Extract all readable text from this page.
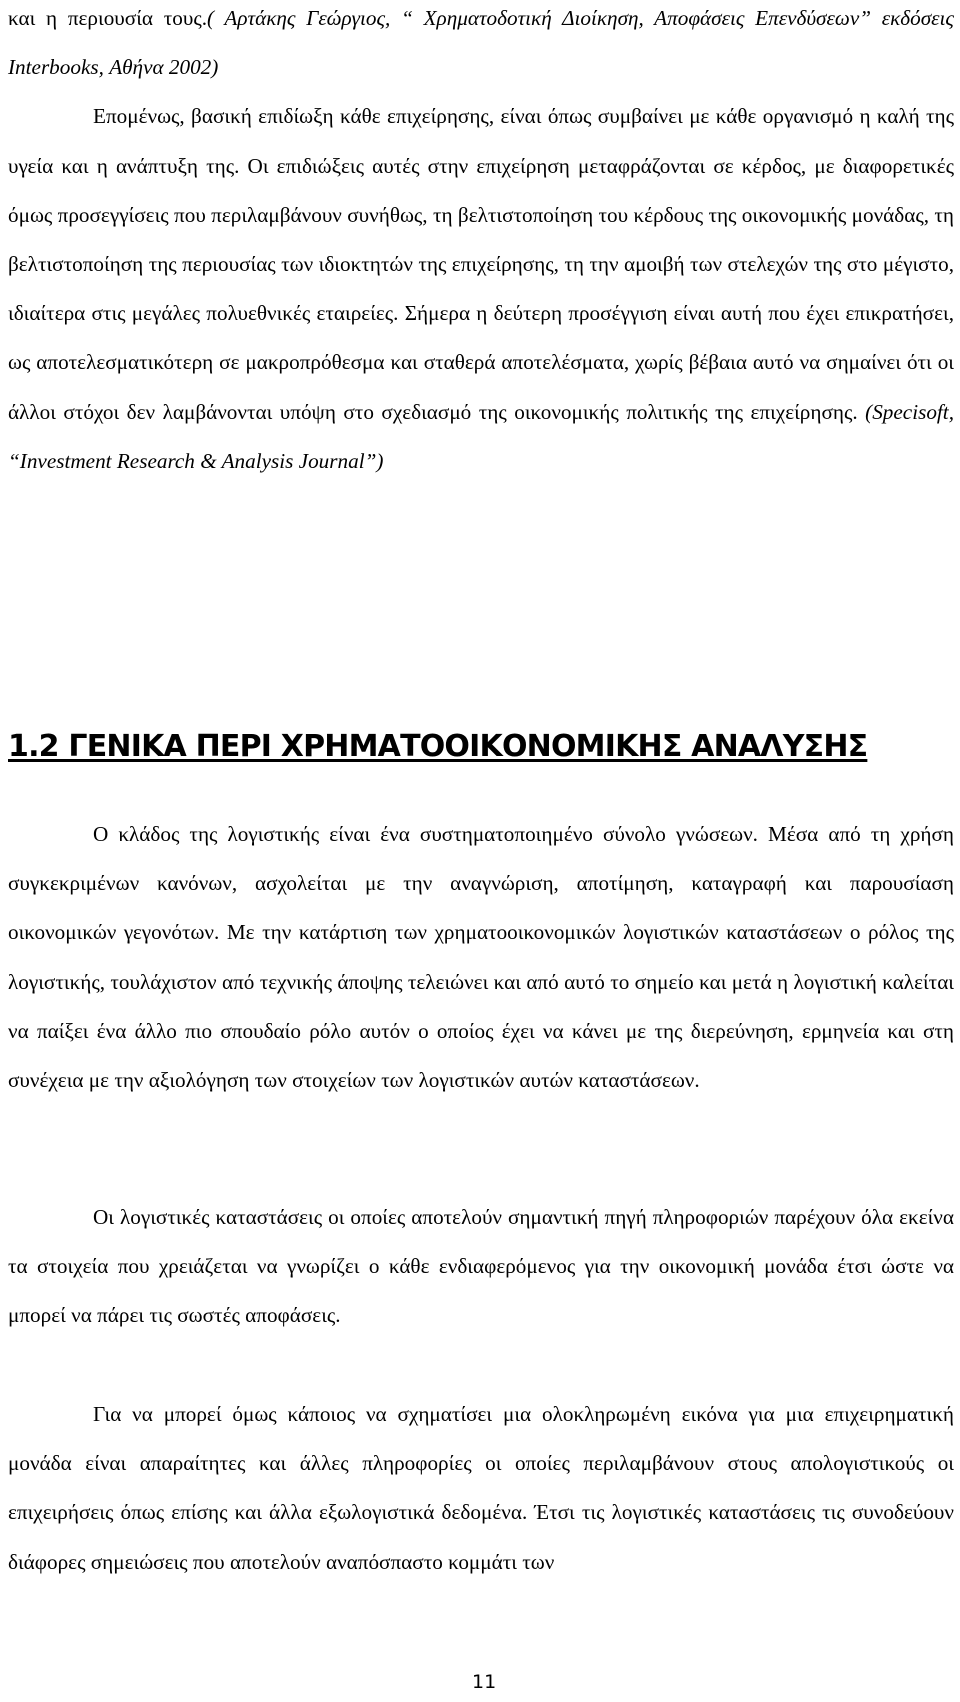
και η περιουσία τους.( Αρτάκης Γεώργιος, “ Χρηματοδοτική Διοίκηση, Αποφάσεις Επενδύσεων” εκδόσεις Interbooks, Αθήνα 2002)
Επομένως, βασική επιδίωξη κάθε επιχείρησης, είναι όπως συμβαίνει με κάθε οργανισμό η καλή της υγεία και η ανάπτυξη της. Οι επιδιώξεις αυτές στην επιχείρηση μεταφράζονται σε κέρδος, με διαφορετικές όμως προσεγγίσεις που περιλαμβάνουν συνήθως, τη βελτιστοποίηση του κέρδους της οικονομικής μονάδας, τη βελτιστοποίηση της περιουσίας των ιδιοκτητών της επιχείρησης, τη την αμοιβή των στελεχών της στο μέγιστο, ιδιαίτερα στις μεγάλες πολυεθνικές εταιρείες. Σήμερα η δεύτερη προσέγγιση είναι αυτή που έχει επικρατήσει, ως αποτελεσματικότερη σε μακροπρόθεσμα και σταθερά αποτελέσματα, χωρίς βέβαια αυτό να σημαίνει ότι οι άλλοι στόχοι δεν λαμβάνονται υπόψη στο σχεδιασμό της οικονομικής πολιτικής της επιχείρησης. (Specisoft, “Investment Research & Analysis Journal”)

1.2 ΓΕΝΙΚΑ ΠΕΡΙ ΧΡΗΜΑΤΟΟΙΚΟΝΟΜΙΚΗΣ ΑΝΑΛΥΣΗΣ

Ο κλάδος της λογιστικής είναι ένα συστηματοποιημένο σύνολο γνώσεων. Μέσα από τη χρήση συγκεκριμένων κανόνων, ασχολείται με την αναγνώριση, αποτίμηση, καταγραφή και παρουσίαση οικονομικών γεγονότων. Με την κατάρτιση των χρηματοοικονομικών λογιστικών καταστάσεων ο ρόλος της λογιστικής, τουλάχιστον από τεχνικής άποψης τελειώνει και από αυτό το σημείο και μετά η λογιστική καλείται να παίξει ένα άλλο πιο σπουδαίο ρόλο αυτόν ο οποίος έχει να κάνει με της διερεύνηση, ερμηνεία και στη συνέχεια με την αξιολόγηση των στοιχείων των λογιστικών αυτών καταστάσεων.

Οι λογιστικές καταστάσεις οι οποίες αποτελούν σημαντική πηγή πληροφοριών παρέχουν όλα εκείνα τα στοιχεία που χρειάζεται να γνωρίζει ο κάθε ενδιαφερόμενος για την οικονομική μονάδα έτσι ώστε να μπορεί να πάρει τις σωστές αποφάσεις.

Για να μπορεί όμως κάποιος να σχηματίσει μια ολοκληρωμένη εικόνα για μια επιχειρηματική μονάδα είναι απαραίτητες και άλλες πληροφορίες οι οποίες περιλαμβάνουν στους απολογιστικούς οι επιχειρήσεις όπως επίσης και άλλα εξωλογιστικά δεδομένα. Έτσι τις λογιστικές καταστάσεις τις συνοδεύουν διάφορες σημειώσεις που αποτελούν αναπόσπαστο κομμάτι των

11
